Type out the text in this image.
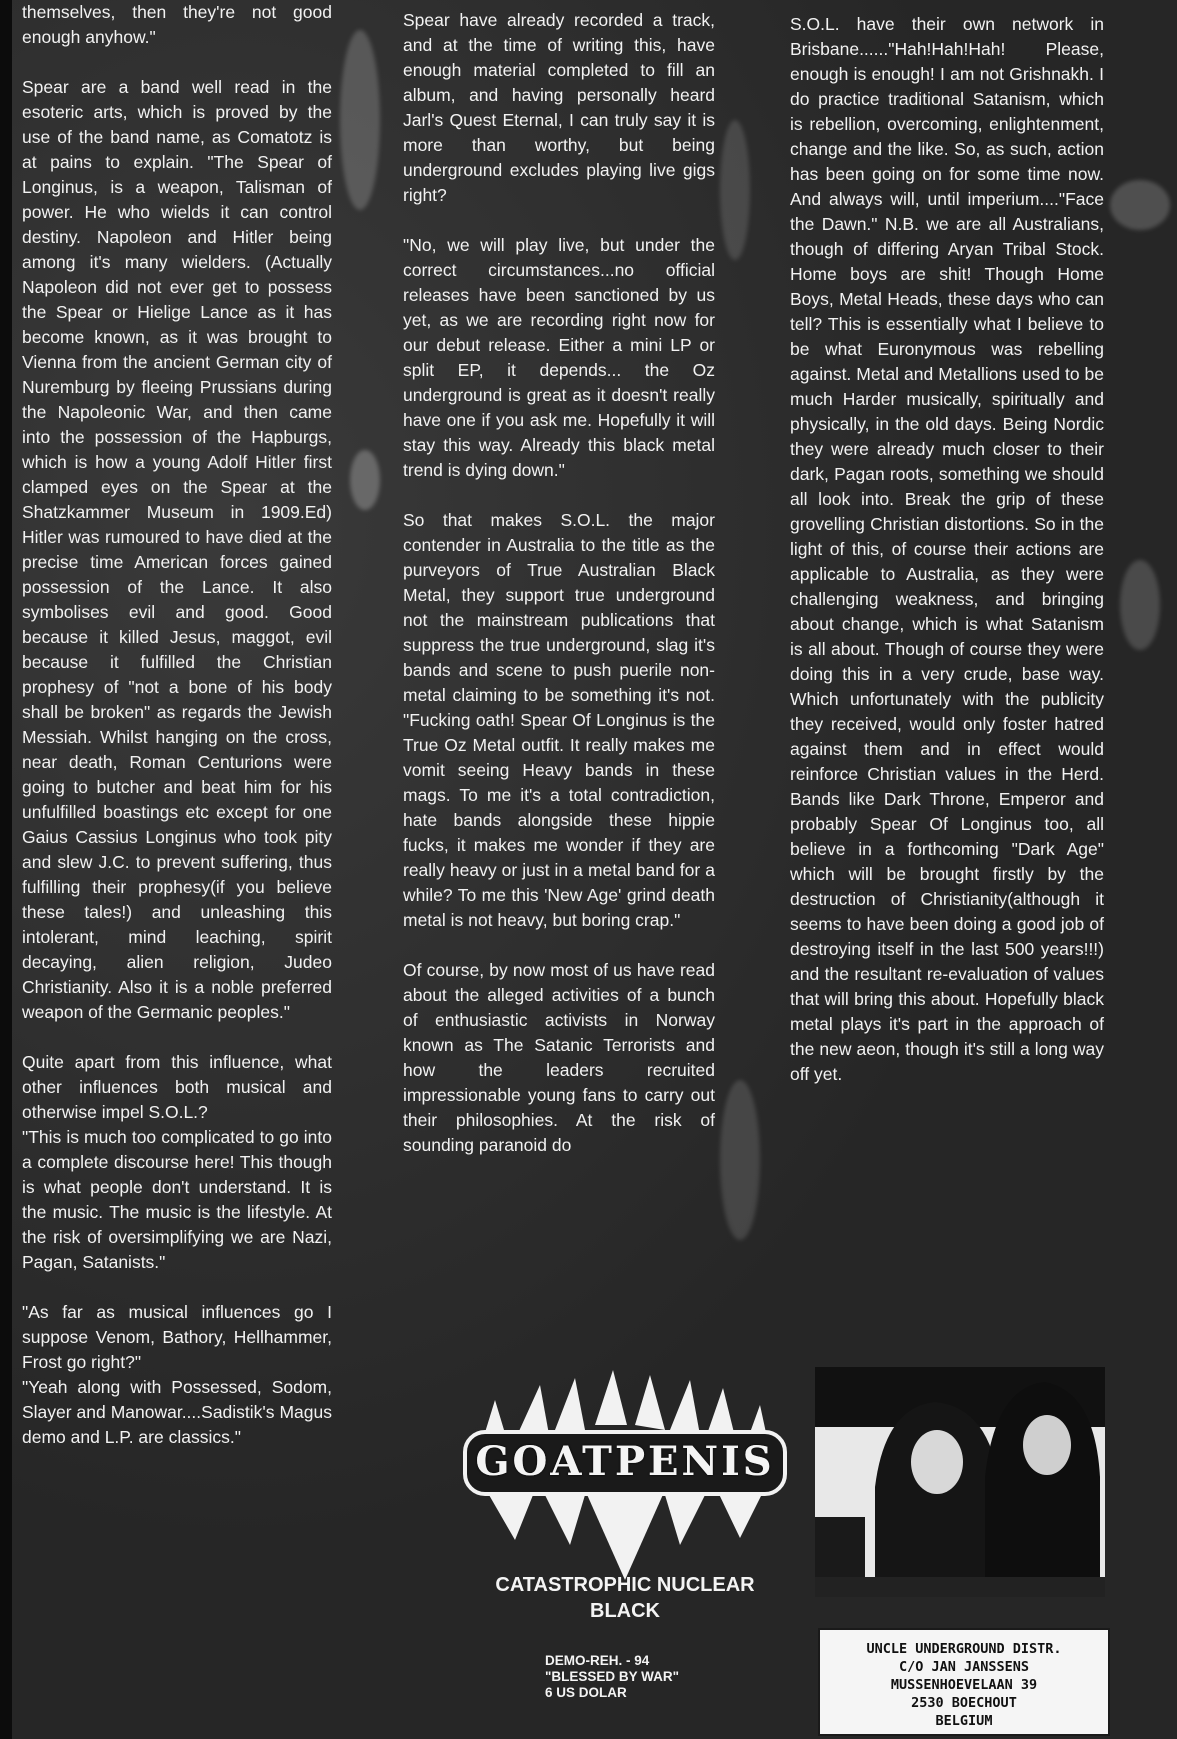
themselves, then they're not good enough anyhow."

Spear are a band well read in the esoteric arts, which is proved by the use of the band name, as Comatotz is at pains to explain. "The Spear of Longinus, is a weapon, Talisman of power. He who wields it can control destiny. Napoleon and Hitler being among it's many wielders. (Actually Napoleon did not ever get to possess the Spear or Hielige Lance as it has become known, as it was brought to Vienna from the ancient German city of Nuremburg by fleeing Prussians during the Napoleonic War, and then came into the possession of the Hapburgs, which is how a young Adolf Hitler first clamped eyes on the Spear at the Shatzkammer Museum in 1909.Ed) Hitler was rumoured to have died at the precise time American forces gained possession of the Lance. It also symbolises evil and good. Good because it killed Jesus, maggot, evil because it fulfilled the Christian prophesy of "not a bone of his body shall be broken" as regards the Jewish Messiah. Whilst hanging on the cross, near death, Roman Centurions were going to butcher and beat him for his unfulfilled boastings etc except for one Gaius Cassius Longinus who took pity and slew J.C. to prevent suffering, thus fulfilling their prophesy(if you believe these tales!) and unleashing this intolerant, mind leaching, spirit decaying, alien religion, Judeo Christianity. Also it is a noble preferred weapon of the Germanic peoples."

Quite apart from this influence, what other influences both musical and otherwise impel S.O.L.?
"This is much too complicated to go into a complete discourse here! This though is what people don't understand. It is the music. The music is the lifestyle. At the risk of oversimplifying we are Nazi, Pagan, Satanists."

"As far as musical influences go I suppose Venom, Bathory, Hellhammer, Frost go right?"
"Yeah along with Possessed, Sodom, Slayer and Manowar....Sadistik's Magus demo and L.P. are classics."

Spear have already recorded a track, and at the time of writing this, have enough material completed to fill an album, and having personally heard Jarl's Quest Eternal, I can truly say it is more than worthy, but being underground excludes playing live gigs right?

"No, we will play live, but under the correct circumstances...no official releases have been sanctioned by us yet, as we are recording right now for our debut release. Either a mini LP or split EP, it depends... the Oz underground is great as it doesn't really have one if you ask me. Hopefully it will stay this way. Already this black metal trend is dying down."

So that makes S.O.L. the major contender in Australia to the title as the purveyors of True Australian Black Metal, they support true underground not the mainstream publications that suppress the true underground, slag it's bands and scene to push puerile non-metal claiming to be something it's not. "Fucking oath! Spear Of Longinus is the True Oz Metal outfit. It really makes me vomit seeing Heavy bands in these mags. To me it's a total contradiction, hate bands alongside these hippie fucks, it makes me wonder if they are really heavy or just in a metal band for a while? To me this 'New Age' grind death metal is not heavy, but boring crap."

Of course, by now most of us have read about the alleged activities of a bunch of enthusiastic activists in Norway known as The Satanic Terrorists and how the leaders recruited impressionable young fans to carry out their philosophies. At the risk of sounding paranoid do

S.O.L. have their own network in Brisbane......"Hah!Hah!Hah! Please, enough is enough! I am not Grishnakh. I do practice traditional Satanism, which is rebellion, overcoming, enlightenment, change and the like. So, as such, action has been going on for some time now. And always will, until imperium...."Face the Dawn." N.B. we are all Australians, though of differing Aryan Tribal Stock. Home boys are shit! Though Home Boys, Metal Heads, these days who can tell? This is essentially what I believe to be what Euronymous was rebelling against. Metal and Metallions used to be much Harder musically, spiritually and physically, in the old days. Being Nordic they were already much closer to their dark, Pagan roots, something we should all look into. Break the grip of these grovelling Christian distortions. So in the light of this, of course their actions are applicable to Australia, as they were challenging weakness, and bringing about change, which is what Satanism is all about. Though of course they were doing this in a very crude, base way. Which unfortunately with the publicity they received, would only foster hatred against them and in effect would reinforce Christian values in the Herd. Bands like Dark Throne, Emperor and probably Spear Of Longinus too, all believe in a forthcoming "Dark Age" which will be brought firstly by the destruction of Christianity(although it seems to have been doing a good job of destroying itself in the last 500 years!!!) and the resultant re-evaluation of values that will bring this about. Hopefully black metal plays it's part in the approach of the new aeon, though it's still a long way off yet.

GOATPENIS
CATASTROPHIC NUCLEAR
BLACK
DEMO-REH. - 94
"BLESSED BY WAR"
6 US DOLAR
UNCLE UNDERGROUND DISTR.
C/O JAN JANSSENS
MUSSENHOEVELAAN 39
2530 BOECHOUT
BELGIUM
